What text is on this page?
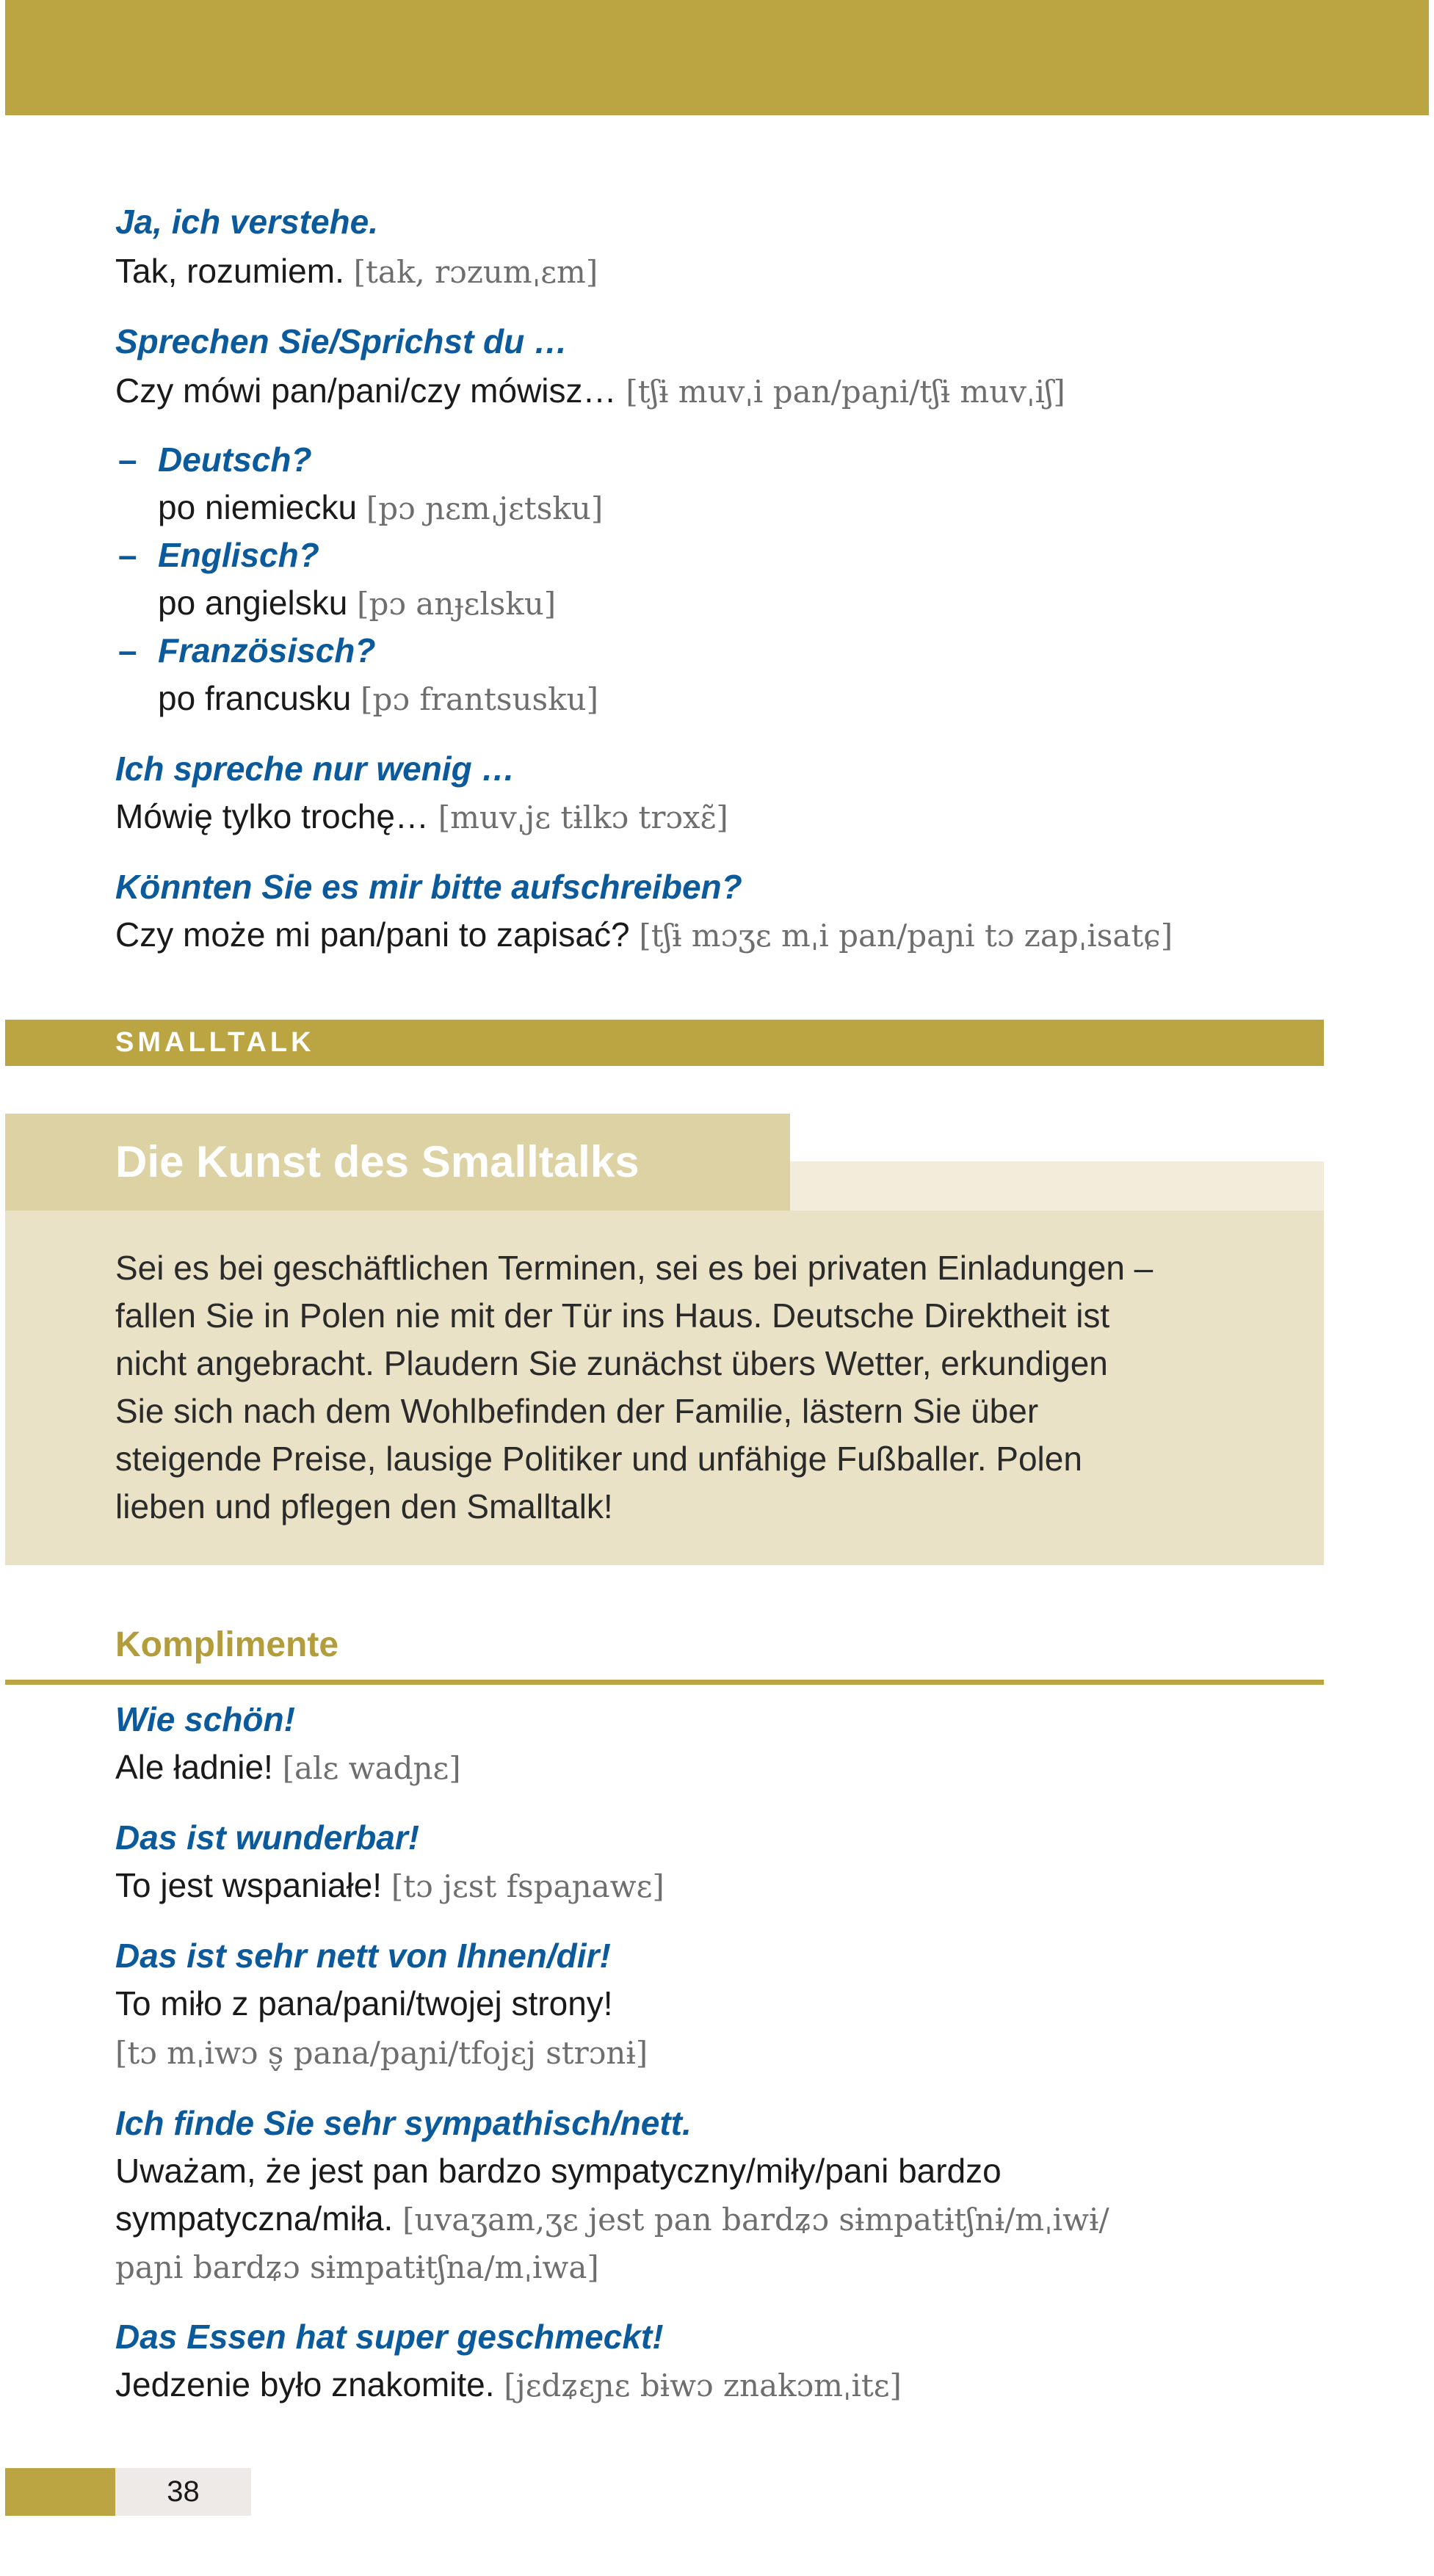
Ja, ich verstehe.
Tak, rozumiem. [tak, rɔzumˌɛm]
Sprechen Sie/Sprichst du …
Czy mówi pan/pani/czy mówisz… [tʃɨ muvˌi pan/paɲi/tʃɨ muvˌiʃ]
– Deutsch?
po niemiecku [pɔ ɲɛmˌjɛtsku]
– Englisch?
po angielsku [pɔ anɟɛlsku]
– Französisch?
po francusku [pɔ frantsusku]
Ich spreche nur wenig …
Mówię tylko trochę… [muvˌjɛ tɨlkɔ trɔxɛ̃]
Könnten Sie es mir bitte aufschreiben?
Czy może mi pan/pani to zapisać? [tʃɨ mɔʒɛ mˌi pan/paɲi tɔ zapˌisatɕ]
SMALLTALK
Die Kunst des Smalltalks
Sei es bei geschäftlichen Terminen, sei es bei privaten Einladungen –
fallen Sie in Polen nie mit der Tür ins Haus. Deutsche Direktheit ist
nicht angebracht. Plaudern Sie zunächst übers Wetter, erkundigen
Sie sich nach dem Wohlbefinden der Familie, lästern Sie über
steigende Preise, lausige Politiker und unfähige Fußballer. Polen
lieben und pflegen den Smalltalk!
Komplimente
Wie schön!
Ale ładnie! [alɛ wadɲɛ]
Das ist wunderbar!
To jest wspaniałe! [tɔ jɛst fspaɲawɛ]
Das ist sehr nett von Ihnen/dir!
To miło z pana/pani/twojej strony!
[tɔ mˌiwɔ s̬ pana/paɲi/tfojɛj strɔnɨ]
Ich finde Sie sehr sympathisch/nett.
Uważam, że jest pan bardzo sympatyczny/miły/pani bardzo
sympatyczna/miła. [uvaʒam,ʒɛ jest pan bardʑɔ sɨmpatɨtʃnɨ/mˌiwɨ/
paɲi bardʑɔ sɨmpatɨtʃna/mˌiwa]
Das Essen hat super geschmeckt!
Jedzenie było znakomite. [jɛdʑɛɲɛ bɨwɔ znakɔmˌitɛ]
38
